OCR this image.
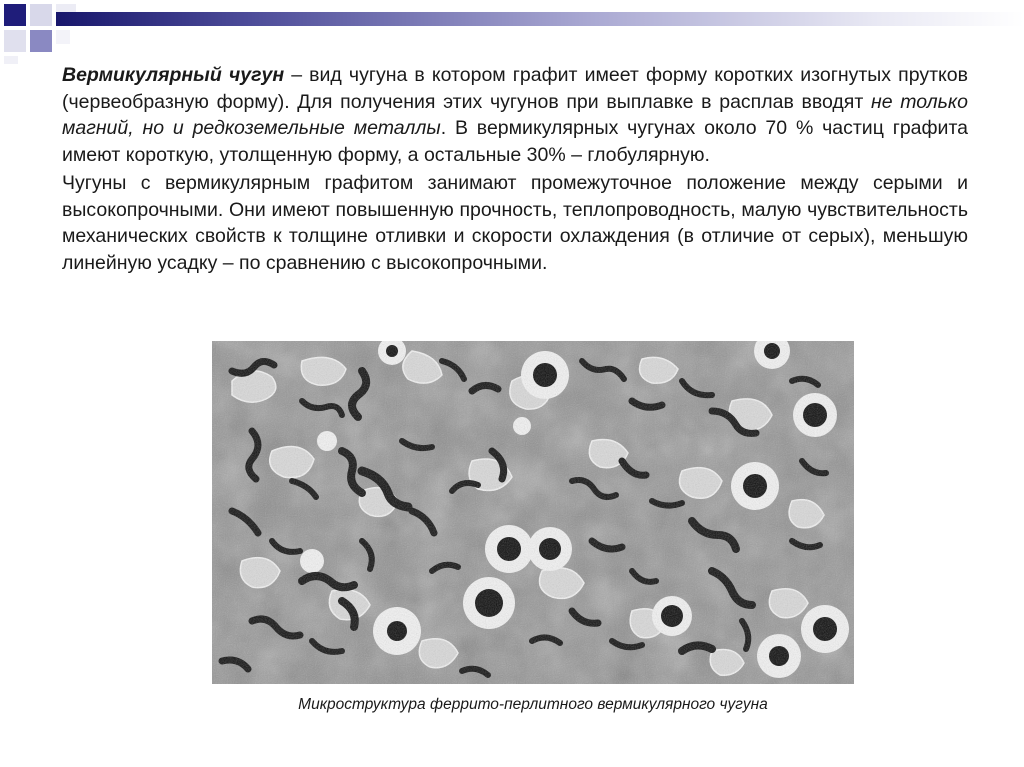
Вермикулярный чугун – вид чугуна в котором графит имеет форму коротких изогнутых прутков (червеобразную форму). Для получения этих чугунов при выплавке в расплав вводят не только магний, но и редкоземельные металлы. В вермикулярных чугунах около 70 % частиц графита имеют короткую, утолщенную форму, а остальные 30% – глобулярную.

Чугуны с вермикулярным графитом занимают промежуточное положение между серыми и высокопрочными. Они имеют повышенную прочность, теплопроводность, малую чувствительность механических свойств к толщине отливки и скорости охлаждения (в отличие от серых), меньшую линейную усадку – по сравнению с высокопрочными.

Микроструктура феррито-перлитного вермикулярного чугуна
